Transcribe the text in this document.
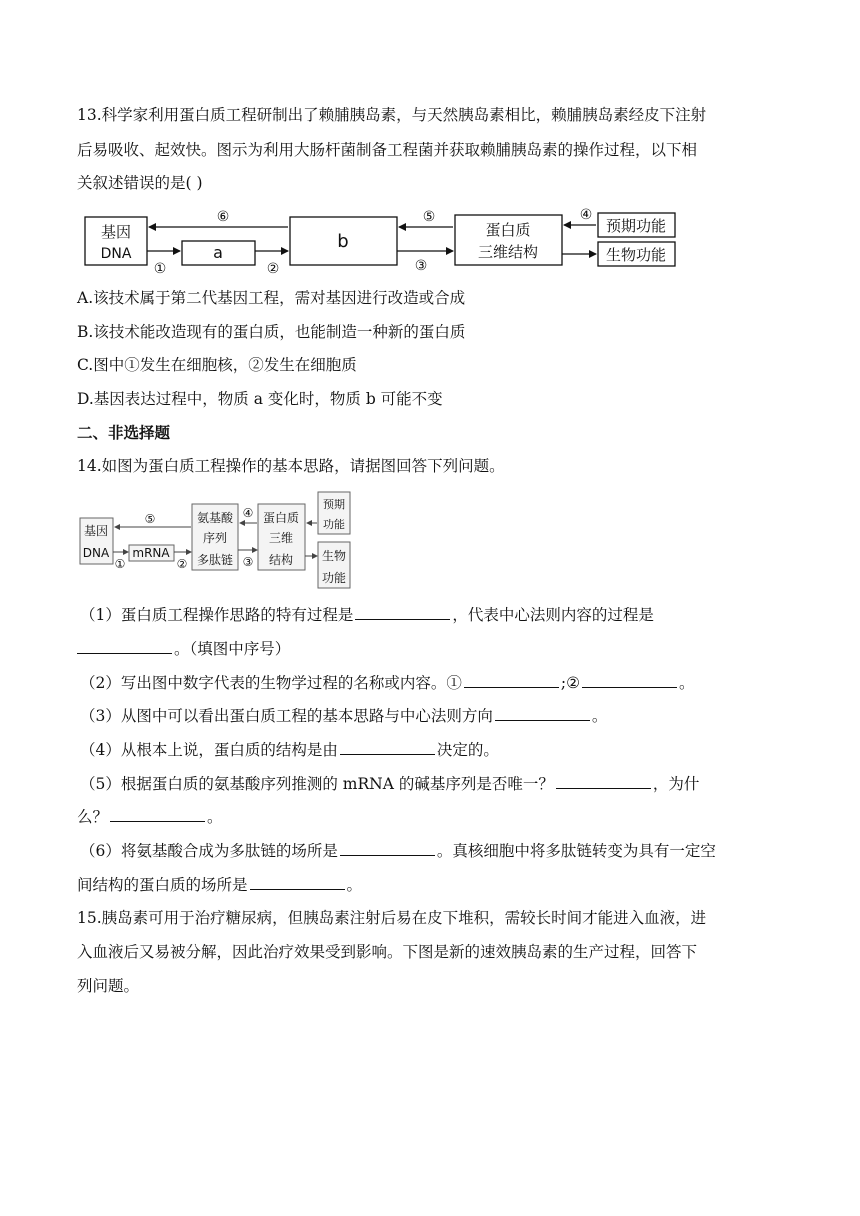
13.科学家利用蛋白质工程研制出了赖脯胰岛素，与天然胰岛素相比，赖脯胰岛素经皮下注射
后易吸收、起效快。图示为利用大肠杆菌制备工程菌并获取赖脯胰岛素的操作过程，以下相
关叙述错误的是( )
基因
DNA	a
b
蛋白质
三维结构
预期功能
生物功能
⑥
①	②
⑤
③
④
A.该技术属于第二代基因工程，需对基因进行改造或合成
B.该技术能改造现有的蛋白质，也能制造一种新的蛋白质
C.图中①发生在细胞核，②发生在细胞质
D.基因表达过程中，物质 a 变化时，物质 b 可能不变
二、非选择题
14.如图为蛋白质工程操作的基本思路，请据图回答下列问题。
基因
DNA mRNA
氨基酸
序列
多肽链
蛋白质
三维
结构
预期
功能
生物
功能
⑤
①	②
④
③
（1）蛋白质工程操作思路的特有过程是	，代表中心法则内容的过程是
。（填图中序号）
（2）写出图中数字代表的生物学过程的名称或内容。①	;②	。
（3）从图中可以看出蛋白质工程的基本思路与中心法则方向	。
（4）从根本上说，蛋白质的结构是由	决定的。
（5）根据蛋白质的氨基酸序列推测的 mRNA 的碱基序列是否唯一？	，为什
么？	。
（6）将氨基酸合成为多肽链的场所是	。真核细胞中将多肽链转变为具有一定空
间结构的蛋白质的场所是	。
15.胰岛素可用于治疗糖尿病，但胰岛素注射后易在皮下堆积，需较长时间才能进入血液，进
入血液后又易被分解，因此治疗效果受到影响。下图是新的速效胰岛素的生产过程，回答下
列问题。
